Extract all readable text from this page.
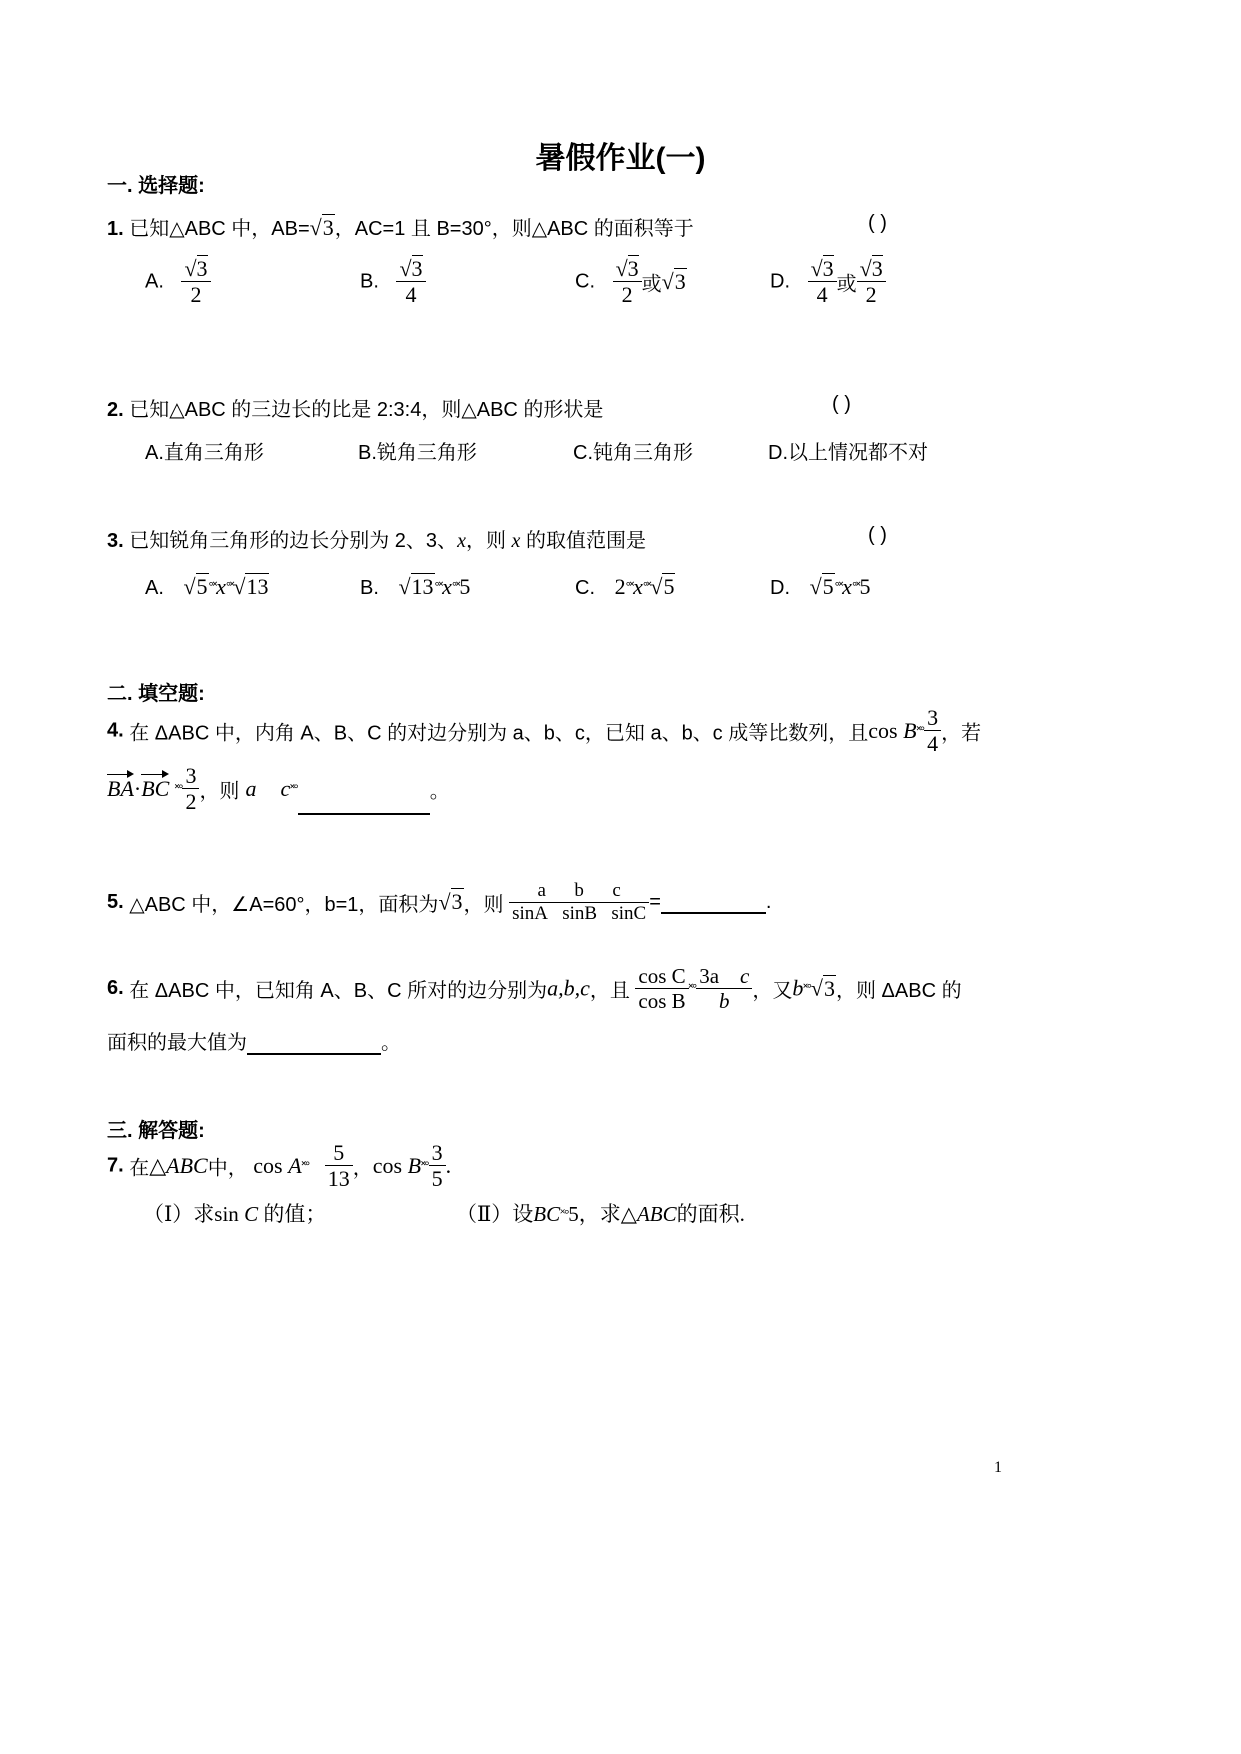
暑假作业(一)
一. 选择题:
1. 已知△ABC 中，AB=√3，AC=1 且 B=30°，则△ABC 的面积等于	( )
A. $\frac{√3}{2}$	B. $\frac{√3}{4}$	C. $\frac{√3}{2}$ 或√3	D. $\frac{√3}{4}$ 或 $\frac{√3}{2}$
2. 已知△ABC 的三边长的比是 2:3:4，则△ABC 的形状是	( )
A.直角三角形	B.锐角三角形	C.钝角三角形	D.以上情况都不对
3. 已知锐角三角形的边长分别为 2、3、x，则 x 的取值范围是	( )
A. √5°˟x°˟√13	B. √13°˟x°˟5	C. 2°˟x°˟√5	D. √5°˟x°˟5
二. 填空题:
4. 在 ΔABC 中，内角 A、B、C 的对边分别为 a、b、c，已知 a、b、c 成等比数列，且cos B˟° $\frac{3}{4}$ ，若
BA·BC ˟° $\frac{3}{2}$ ，则 a c˟°	。
5. △ABC 中，∠A=60°，b=1，面积为√3，则 $\frac{\text{a b c}}{\text{sinA sinB sinC}}$ =	.
6. 在 ΔABC 中，已知角 A、B、C 所对的边分别为a,b,c，且 $\frac{\text{cos C}}{\text{cos B}}$ ˟° $\frac{\text{3a c}}{b}$ ，又b˟°√3，则 ΔABC 的
面积的最大值为	。
三. 解答题:
7. 在△ABC中， cos A˟° $\frac{5}{13}$ ，cos B˟° $\frac{3}{5}$ .
（Ⅰ）求sin C 的值；	（Ⅱ）设BC˟°5，求△ABC的面积.
1
